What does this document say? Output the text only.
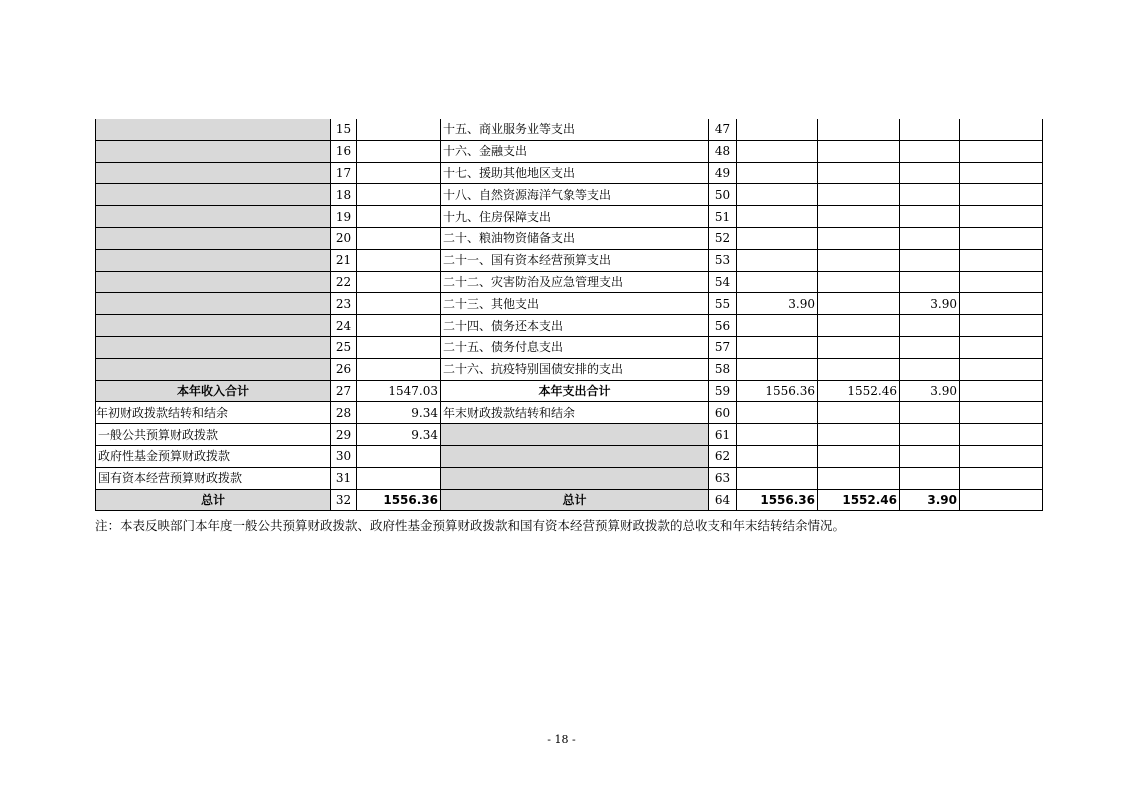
	15		十五、商业服务业等支出	47				
	16		十六、金融支出	48				
	17		十七、援助其他地区支出	49				
	18		十八、自然资源海洋气象等支出	50				
	19		十九、住房保障支出	51				
	20		二十、粮油物资储备支出	52				
	21		二十一、国有资本经营预算支出	53				
	22		二十二、灾害防治及应急管理支出	54				
	23		二十三、其他支出	55	3.90		3.90	
	24		二十四、债务还本支出	56				
	25		二十五、债务付息支出	57				
	26		二十六、抗疫特别国债安排的支出	58				
本年收入合计	27	1547.03	本年支出合计	59	1556.36	1552.46	3.90	
年初财政拨款结转和结余	28	9.34	年末财政拨款结转和结余	60				
一般公共预算财政拨款	29	9.34		61				
政府性基金预算财政拨款	30			62				
国有资本经营预算财政拨款	31			63				
总计	32	1556.36	总计	64	1556.36	1552.46	3.90	
注：本表反映部门本年度一般公共预算财政拨款、政府性基金预算财政拨款和国有资本经营预算财政拨款的总收支和年末结转结余情况。
- 18 -
